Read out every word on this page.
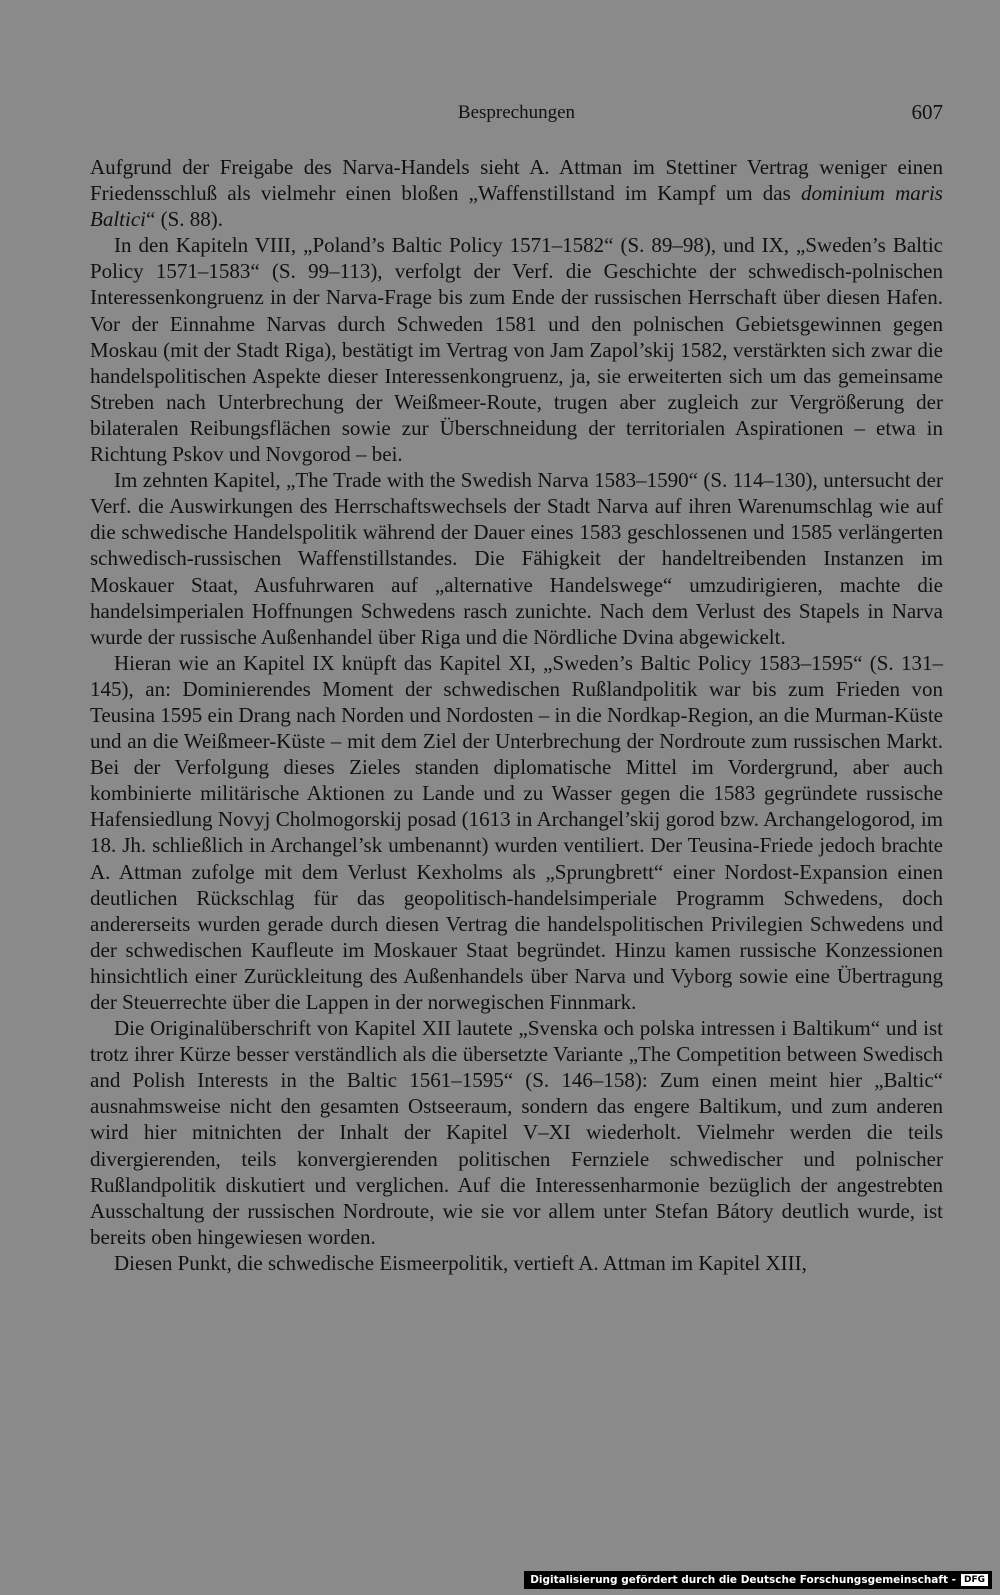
Besprechungen	607

Aufgrund der Freigabe des Narva-Handels sieht A. Attman im Stettiner Vertrag weniger einen Friedensschluß als vielmehr einen bloßen „Waffenstillstand im Kampf um das dominium maris Baltici“ (S. 88).

In den Kapiteln VIII, „Poland’s Baltic Policy 1571–1582“ (S. 89–98), und IX, „Sweden’s Baltic Policy 1571–1583“ (S. 99–113), verfolgt der Verf. die Geschichte der schwedisch-polnischen Interessenkongruenz in der Narva-Frage bis zum Ende der russischen Herrschaft über diesen Hafen. Vor der Einnahme Narvas durch Schweden 1581 und den polnischen Gebietsgewinnen gegen Moskau (mit der Stadt Riga), bestätigt im Vertrag von Jam Zapol’skij 1582, verstärkten sich zwar die handelspolitischen Aspekte dieser Interessenkongruenz, ja, sie erweiterten sich um das gemeinsame Streben nach Unterbrechung der Weißmeer-Route, trugen aber zugleich zur Vergrößerung der bilateralen Reibungsflächen sowie zur Überschneidung der territorialen Aspirationen – etwa in Richtung Pskov und Novgorod – bei.

Im zehnten Kapitel, „The Trade with the Swedish Narva 1583–1590“ (S. 114–130), untersucht der Verf. die Auswirkungen des Herrschaftswechsels der Stadt Narva auf ihren Warenumschlag wie auf die schwedische Handelspolitik während der Dauer eines 1583 geschlossenen und 1585 verlängerten schwedisch-russischen Waffenstillstandes. Die Fähigkeit der handeltreibenden Instanzen im Moskauer Staat, Ausfuhrwaren auf „alternative Handelswege“ umzudirigieren, machte die handelsimperialen Hoffnungen Schwedens rasch zunichte. Nach dem Verlust des Stapels in Narva wurde der russische Außenhandel über Riga und die Nördliche Dvina abgewickelt.

Hieran wie an Kapitel IX knüpft das Kapitel XI, „Sweden’s Baltic Policy 1583–1595“ (S. 131–145), an: Dominierendes Moment der schwedischen Rußlandpolitik war bis zum Frieden von Teusina 1595 ein Drang nach Norden und Nordosten – in die Nordkap-Region, an die Murman-Küste und an die Weißmeer-Küste – mit dem Ziel der Unterbrechung der Nordroute zum russischen Markt. Bei der Verfolgung dieses Zieles standen diplomatische Mittel im Vordergrund, aber auch kombinierte militärische Aktionen zu Lande und zu Wasser gegen die 1583 gegründete russische Hafensiedlung Novyj Cholmogorskij posad (1613 in Archangel’skij gorod bzw. Archangelogorod, im 18. Jh. schließlich in Archangel’sk umbenannt) wurden ventiliert. Der Teusina-Friede jedoch brachte A. Attman zufolge mit dem Verlust Kexholms als „Sprungbrett“ einer Nordost-Expansion einen deutlichen Rückschlag für das geopolitisch-handelsimperiale Programm Schwedens, doch andererseits wurden gerade durch diesen Vertrag die handelspolitischen Privilegien Schwedens und der schwedischen Kaufleute im Moskauer Staat begründet. Hinzu kamen russische Konzessionen hinsichtlich einer Zurückleitung des Außenhandels über Narva und Vyborg sowie eine Übertragung der Steuerrechte über die Lappen in der norwegischen Finnmark.

Die Originalüberschrift von Kapitel XII lautete „Svenska och polska intressen i Baltikum“ und ist trotz ihrer Kürze besser verständlich als die übersetzte Variante „The Competition between Swedisch and Polish Interests in the Baltic 1561–1595“ (S. 146–158): Zum einen meint hier „Baltic“ ausnahmsweise nicht den gesamten Ostseeraum, sondern das engere Baltikum, und zum anderen wird hier mitnichten der Inhalt der Kapitel V–XI wiederholt. Vielmehr werden die teils divergierenden, teils konvergierenden politischen Fernziele schwedischer und polnischer Rußlandpolitik diskutiert und verglichen. Auf die Interessenharmonie bezüglich der angestrebten Ausschaltung der russischen Nordroute, wie sie vor allem unter Stefan Bátory deutlich wurde, ist bereits oben hingewiesen worden.

Diesen Punkt, die schwedische Eismeerpolitik, vertieft A. Attman im Kapitel XIII,

Digitalisierung gefördert durch die Deutsche Forschungsgemeinschaft - DFG
